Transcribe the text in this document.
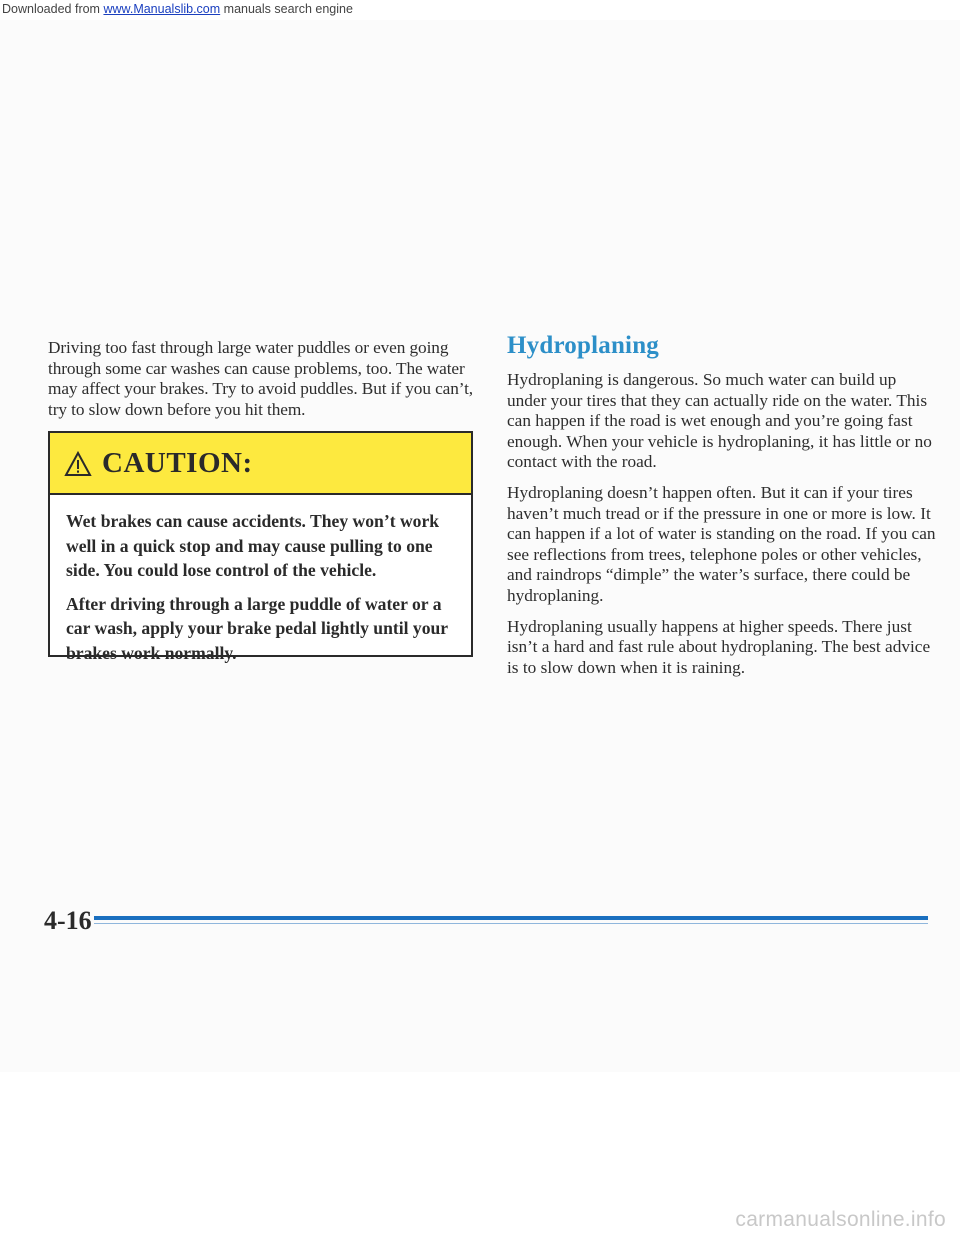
Downloaded from www.Manualslib.com manuals search engine

Driving too fast through large water puddles or even going through some car washes can cause problems, too. The water may affect your brakes. Try to avoid puddles. But if you can’t, try to slow down before you hit them.

CAUTION:

Wet brakes can cause accidents. They won’t work well in a quick stop and may cause pulling to one side. You could lose control of the vehicle.

After driving through a large puddle of water or a car wash, apply your brake pedal lightly until your brakes work normally.

Hydroplaning

Hydroplaning is dangerous. So much water can build up under your tires that they can actually ride on the water. This can happen if the road is wet enough and you’re going fast enough. When your vehicle is hydroplaning, it has little or no contact with the road.

Hydroplaning doesn’t happen often. But it can if your tires haven’t much tread or if the pressure in one or more is low. It can happen if a lot of water is standing on the road. If you can see reflections from trees, telephone poles or other vehicles, and raindrops “dimple” the water’s surface, there could be hydroplaning.

Hydroplaning usually happens at higher speeds. There just isn’t a hard and fast rule about hydroplaning. The best advice is to slow down when it is raining.

4-16
carmanualsonline.info
